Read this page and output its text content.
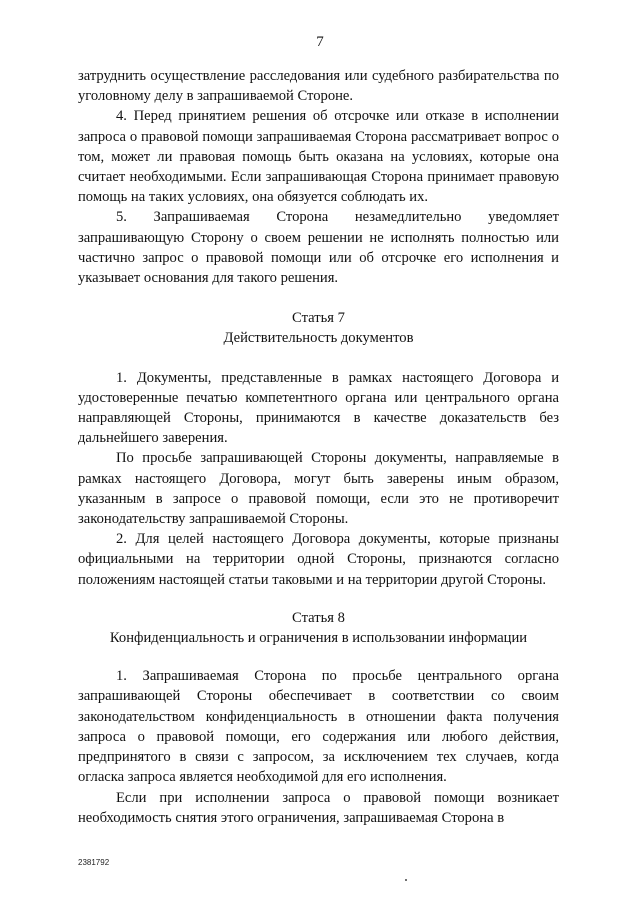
7

затруднить осуществление расследования или судебного разбирательства по уголовному делу в запрашиваемой Стороне.

4. Перед принятием решения об отсрочке или отказе в исполнении запроса о правовой помощи запрашиваемая Сторона рассматривает вопрос о том, может ли правовая помощь быть оказана на условиях, которые она считает необходимыми. Если запрашивающая Сторона принимает правовую помощь на таких условиях, она обязуется соблюдать их.

5. Запрашиваемая Сторона незамедлительно уведомляет запрашивающую Сторону о своем решении не исполнять полностью или частично запрос о правовой помощи или об отсрочке его исполнения и указывает основания для такого решения.

Статья 7
Действительность документов

1. Документы, представленные в рамках настоящего Договора и удостоверенные печатью компетентного органа или центрального органа направляющей Стороны, принимаются в качестве доказательств без дальнейшего заверения.

По просьбе запрашивающей Стороны документы, направляемые в рамках настоящего Договора, могут быть заверены иным образом, указанным в запросе о правовой помощи, если это не противоречит законодательству запрашиваемой Стороны.

2. Для целей настоящего Договора документы, которые признаны официальными на территории одной Стороны, признаются согласно положениям настоящей статьи таковыми и на территории другой Стороны.

Статья 8
Конфиденциальность и ограничения в использовании информации

1. Запрашиваемая Сторона по просьбе центрального органа запрашивающей Стороны обеспечивает в соответствии со своим законодательством конфиденциальность в отношении факта получения запроса о правовой помощи, его содержания или любого действия, предпринятого в связи с запросом, за исключением тех случаев, когда огласка запроса является необходимой для его исполнения.

Если при исполнении запроса о правовой помощи возникает необходимость снятия этого ограничения, запрашиваемая Сторона в

2381792
